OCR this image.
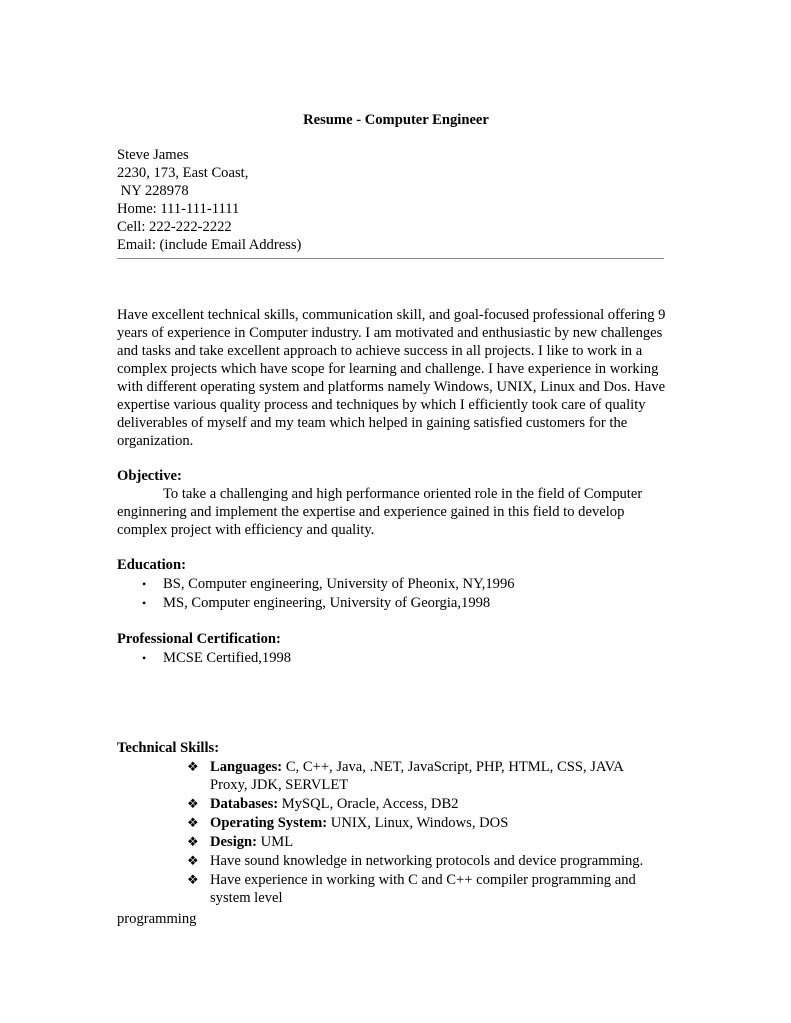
Resume - Computer Engineer
Steve James
2230, 173, East Coast,
NY 228978
Home: 111-111-1111
Cell: 222-222-2222
Email: (include Email Address)
Have excellent technical skills, communication skill, and goal-focused professional offering 9 years of experience in Computer industry. I am motivated and enthusiastic by new challenges and tasks and take excellent approach to achieve success in all projects. I like to work in a complex projects which have scope for learning and challenge. I have experience in working with different operating system and platforms namely Windows, UNIX, Linux and Dos. Have expertise various quality process and techniques by which I efficiently took care of quality deliverables of myself and my team which helped in gaining satisfied customers for the organization.
Objective:
To take a challenging and high performance oriented role in the field of Computer enginnering and implement the expertise and experience gained in this field to develop complex project with efficiency and quality.
Education:
• BS, Computer engineering, University of Pheonix, NY,1996
• MS, Computer engineering, University of Georgia,1998
Professional Certification:
• MCSE Certified,1998
Technical Skills:
❖ Languages: C, C++, Java, .NET, JavaScript, PHP, HTML, CSS, JAVA Proxy, JDK, SERVLET
❖ Databases: MySQL, Oracle, Access, DB2
❖ Operating System: UNIX, Linux, Windows, DOS
❖ Design: UML
❖ Have sound knowledge in networking protocols and device programming.
❖ Have experience in working with C and C++ compiler programming and system level
programming
